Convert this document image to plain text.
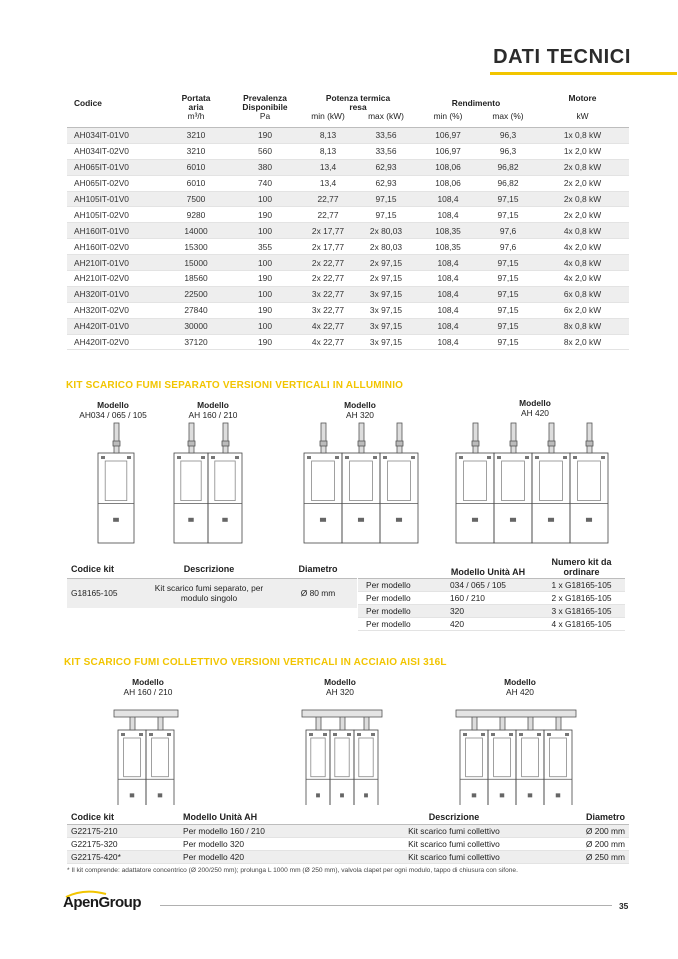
DATI TECNICI
Codice	Portata aria	Prevalenza Disponibile	Potenza termica resa		Rendimento		Motore

	m³/h	Pa	min (kW)	max (kW)	min (%)	max (%)	kW
AH034IT-01V0	3210	190	8,13	33,56	106,97	96,3	1x 0,8 kW
AH034IT-02V0	3210	560	8,13	33,56	106,97	96,3	1x 2,0 kW
AH065IT-01V0	6010	380	13,4	62,93	108,06	96,82	2x 0,8 kW
AH065IT-02V0	6010	740	13,4	62,93	108,06	96,82	2x 2,0 kW
AH105IT-01V0	7500	100	22,77	97,15	108,4	97,15	2x 0,8 kW
AH105IT-02V0	9280	190	22,77	97,15	108,4	97,15	2x 2,0 kW
AH160IT-01V0	14000	100	2x 17,77	2x 80,03	108,35	97,6	4x 0,8 kW
AH160IT-02V0	15300	355	2x 17,77	2x 80,03	108,35	97,6	4x 2,0 kW
AH210IT-01V0	15000	100	2x 22,77	2x 97,15	108,4	97,15	4x 0,8 kW
AH210IT-02V0	18560	190	2x 22,77	2x 97,15	108,4	97,15	4x 2,0 kW
AH320IT-01V0	22500	100	3x 22,77	3x 97,15	108,4	97,15	6x 0,8 kW
AH320IT-02V0	27840	190	3x 22,77	3x 97,15	108,4	97,15	6x 2,0 kW
AH420IT-01V0	30000	100	4x 22,77	3x 97,15	108,4	97,15	8x 0,8 kW
AH420IT-02V0	37120	190	4x 22,77	3x 97,15	108,4	97,15	8x 2,0 kW
KIT SCARICO FUMI SEPARATO VERSIONI VERTICALI IN ALLUMINIO
Modello
AH034 / 065 / 105
Modello
AH 160 / 210
Modello
AH 320
Modello
AH 420
Codice kit	Descrizione	Diametro
G18165-105	Kit scarico fumi separato, per modulo singolo	Ø 80 mm
	Modello Unità AH	Numero kit da ordinare
Per modello	034 / 065 / 105	1 x G18165-105
Per modello	160 / 210	2 x G18165-105
Per modello	320	3 x G18165-105
Per modello	420	4 x G18165-105
KIT SCARICO FUMI COLLETTIVO VERSIONI VERTICALI IN ACCIAIO AISI 316L
Modello
AH 160 / 210
Modello
AH 320
Modello
AH 420
Codice kit	Modello Unità AH	Descrizione	Diametro
G22175-210	Per modello 160 / 210	Kit scarico fumi collettivo	Ø 200 mm
G22175-320	Per modello 320	Kit scarico fumi collettivo	Ø 200 mm
G22175-420*	Per modello 420	Kit scarico fumi collettivo	Ø 250 mm
* Il kit comprende: adattatore concentrico (Ø 200/250 mm); prolunga L 1000 mm (Ø 250 mm), valvola clapet per ogni modulo, tappo di chiusura con sifone.
ApenGroup	35
